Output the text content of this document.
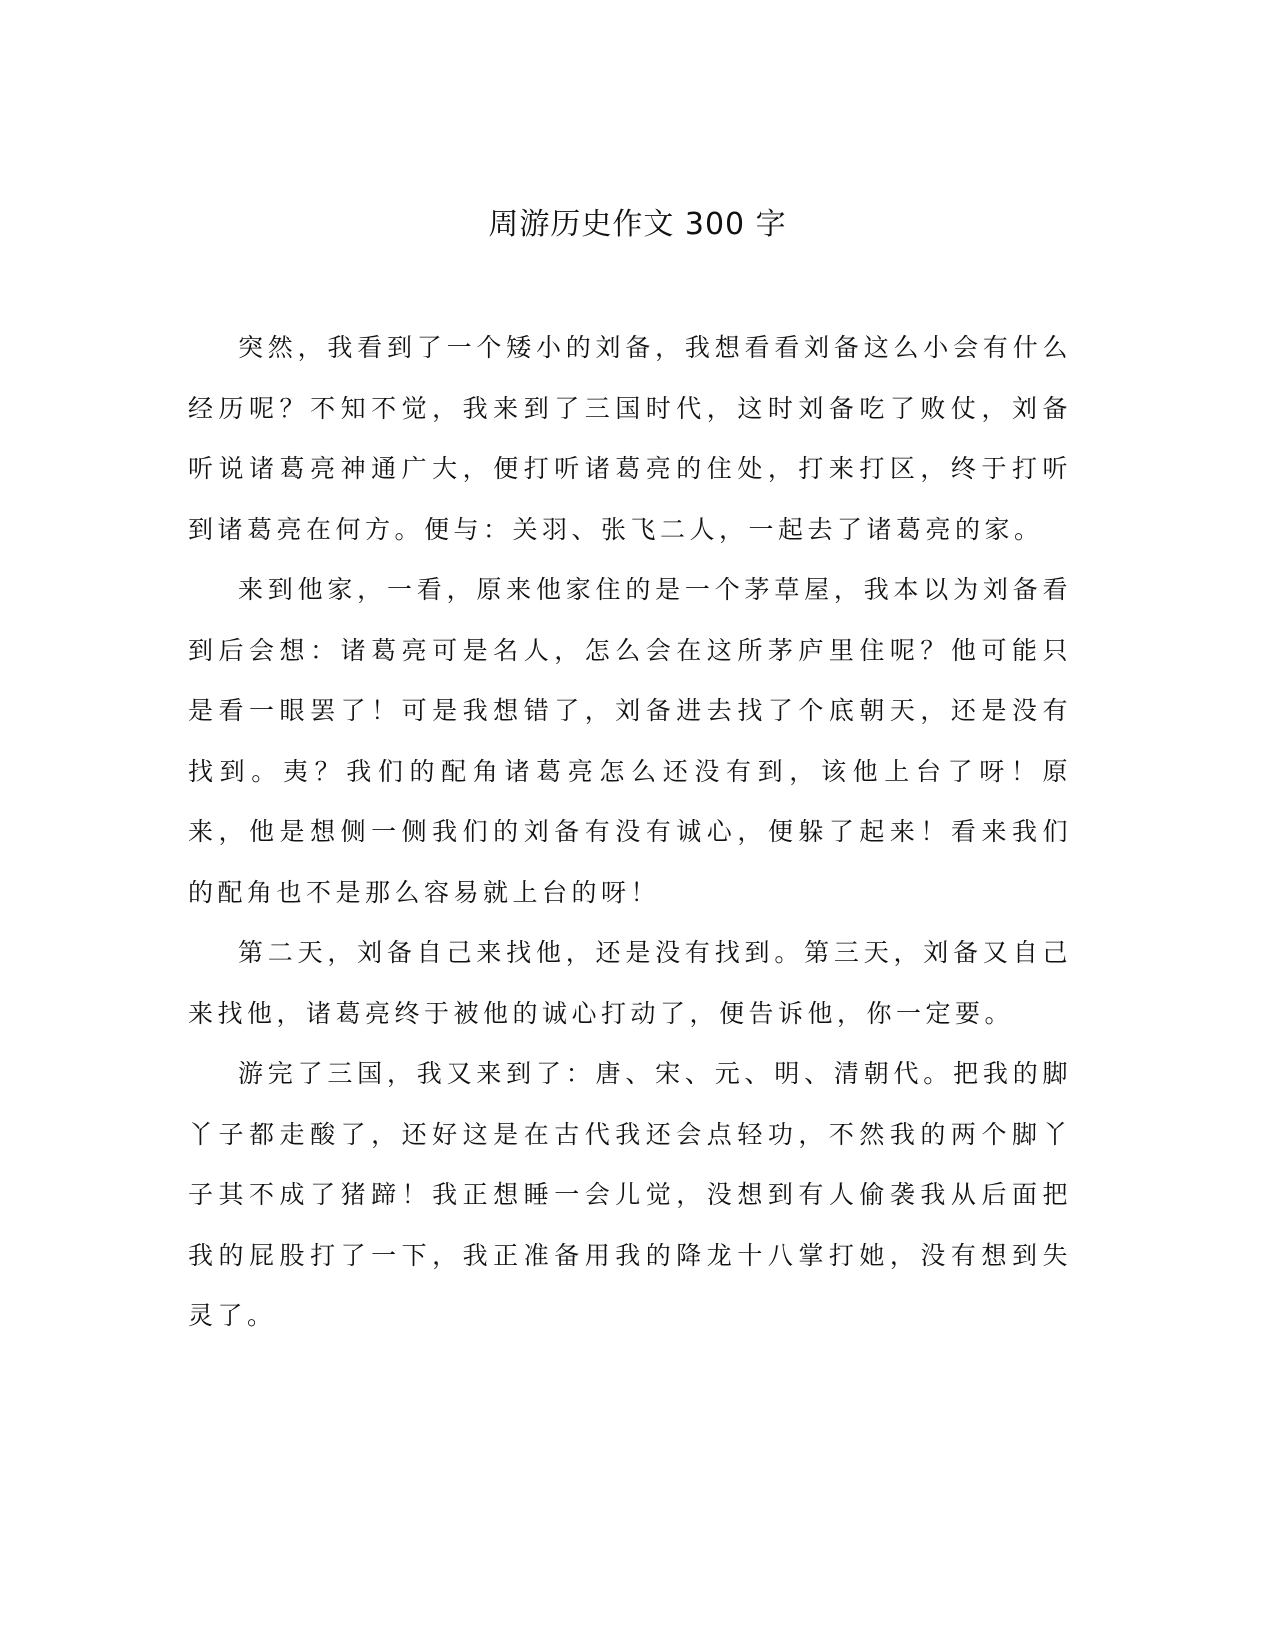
周游历史作文 300 字

突然，我看到了一个矮小的刘备，我想看看刘备这么小会有什么经历呢？不知不觉，我来到了三国时代，这时刘备吃了败仗，刘备听说诸葛亮神通广大，便打听诸葛亮的住处，打来打区，终于打听到诸葛亮在何方。便与：关羽、张飞二人，一起去了诸葛亮的家。

来到他家，一看，原来他家住的是一个茅草屋，我本以为刘备看到后会想：诸葛亮可是名人，怎么会在这所茅庐里住呢？他可能只是看一眼罢了！可是我想错了，刘备进去找了个底朝天，还是没有找到。夷？我们的配角诸葛亮怎么还没有到，该他上台了呀！原来，他是想侧一侧我们的刘备有没有诚心，便躲了起来！看来我们的配角也不是那么容易就上台的呀！

第二天，刘备自己来找他，还是没有找到。第三天，刘备又自己来找他，诸葛亮终于被他的诚心打动了，便告诉他，你一定要。

游完了三国，我又来到了：唐、宋、元、明、清朝代。把我的脚丫子都走酸了，还好这是在古代我还会点轻功，不然我的两个脚丫子其不成了猪蹄！我正想睡一会儿觉，没想到有人偷袭我从后面把我的屁股打了一下，我正准备用我的降龙十八掌打她，没有想到失灵了。
